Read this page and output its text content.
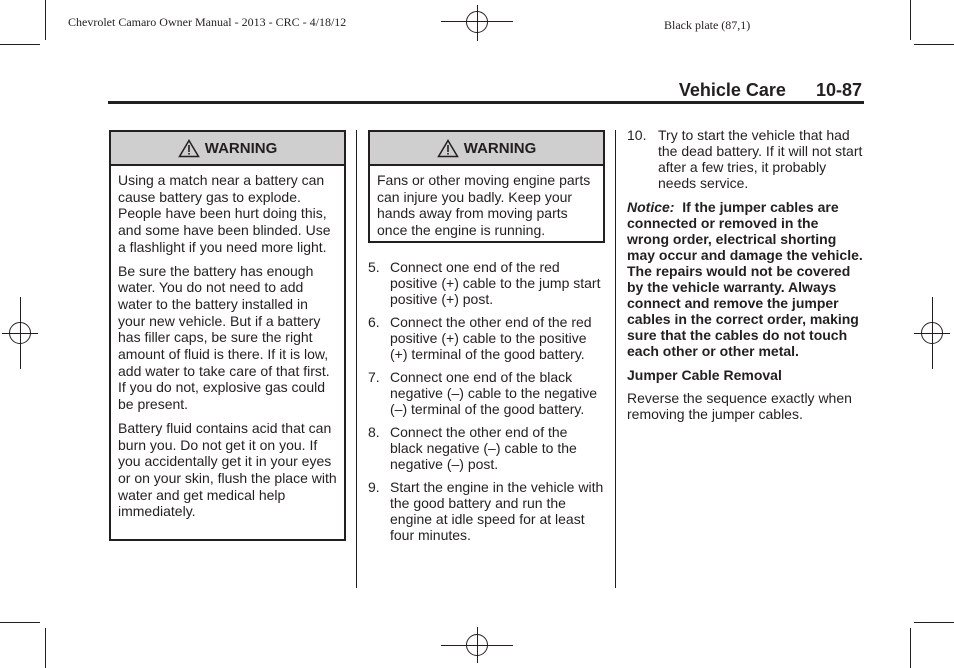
Chevrolet Camaro Owner Manual - 2013 - CRC - 4/18/12	Black plate (87,1)
Vehicle Care 10-87
WARNING

Using a match near a battery can cause battery gas to explode. People have been hurt doing this, and some have been blinded. Use a flashlight if you need more light.

Be sure the battery has enough water. You do not need to add water to the battery installed in your new vehicle. But if a battery has filler caps, be sure the right amount of fluid is there. If it is low, add water to take care of that first. If you do not, explosive gas could be present.

Battery fluid contains acid that can burn you. Do not get it on you. If you accidentally get it in your eyes or on your skin, flush the place with water and get medical help immediately.

WARNING

Fans or other moving engine parts can injure you badly. Keep your hands away from moving parts once the engine is running.

5. Connect one end of the red positive (+) cable to the jump start positive (+) post.
6. Connect the other end of the red positive (+) cable to the positive (+) terminal of the good battery.
7. Connect one end of the black negative (–) cable to the negative (–) terminal of the good battery.
8. Connect the other end of the black negative (–) cable to the negative (–) post.
9. Start the engine in the vehicle with the good battery and run the engine at idle speed for at least four minutes.
10. Try to start the vehicle that had the dead battery. If it will not start after a few tries, it probably needs service.

Notice: If the jumper cables are connected or removed in the wrong order, electrical shorting may occur and damage the vehicle. The repairs would not be covered by the vehicle warranty. Always connect and remove the jumper cables in the correct order, making sure that the cables do not touch each other or other metal.

Jumper Cable Removal

Reverse the sequence exactly when removing the jumper cables.
